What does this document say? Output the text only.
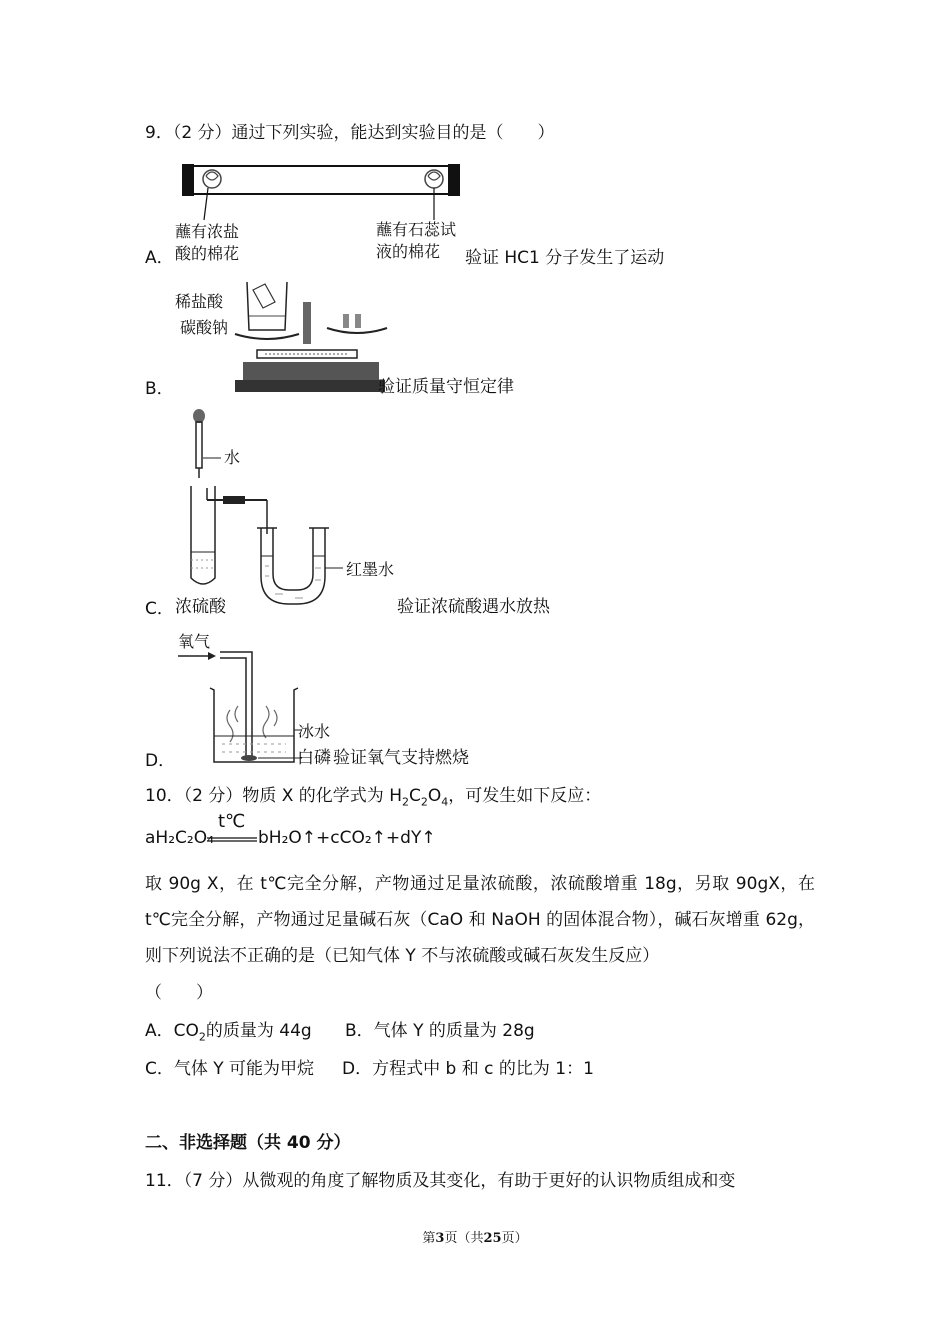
9．（2 分）通过下列实验，能达到实验目的是（　　）
蘸有浓盐
酸的棉花
蘸有石蕊试
液的棉花
A．	验证 HC1 分子发生了运动
稀盐酸
碳酸钠
B．	验证质量守恒定律
水
红墨水
C． 浓硫酸	验证浓硫酸遇水放热
氧气
冰水
D．	白磷 验证氧气支持燃烧
10．（2 分）物质 X 的化学式为 $H_2C_2O_4$，可发生如下反应：
aH₂C₂O₄
t℃
bH₂O↑+cCO₂↑+dY↑
取 90g X，在 t℃完全分解，产物通过足量浓硫酸，浓硫酸增重 18g，另取 90gX，在 t℃完全分解，产物通过足量碱石灰（CaO 和 NaOH 的固体混合物），碱石灰增重 62g，则下列说法不正确的是（已知气体 Y 不与浓硫酸或碱石灰发生反应）
（　　）
A．$CO_2$的质量为 44g B．气体 Y 的质量为 28g
C．气体 Y 可能为甲烷 D．方程式中 b 和 c 的比为 1：1
二、非选择题（共 40 分）
11．（7 分）从微观的角度了解物质及其变化，有助于更好的认识物质组成和变
第3页（共25页）
